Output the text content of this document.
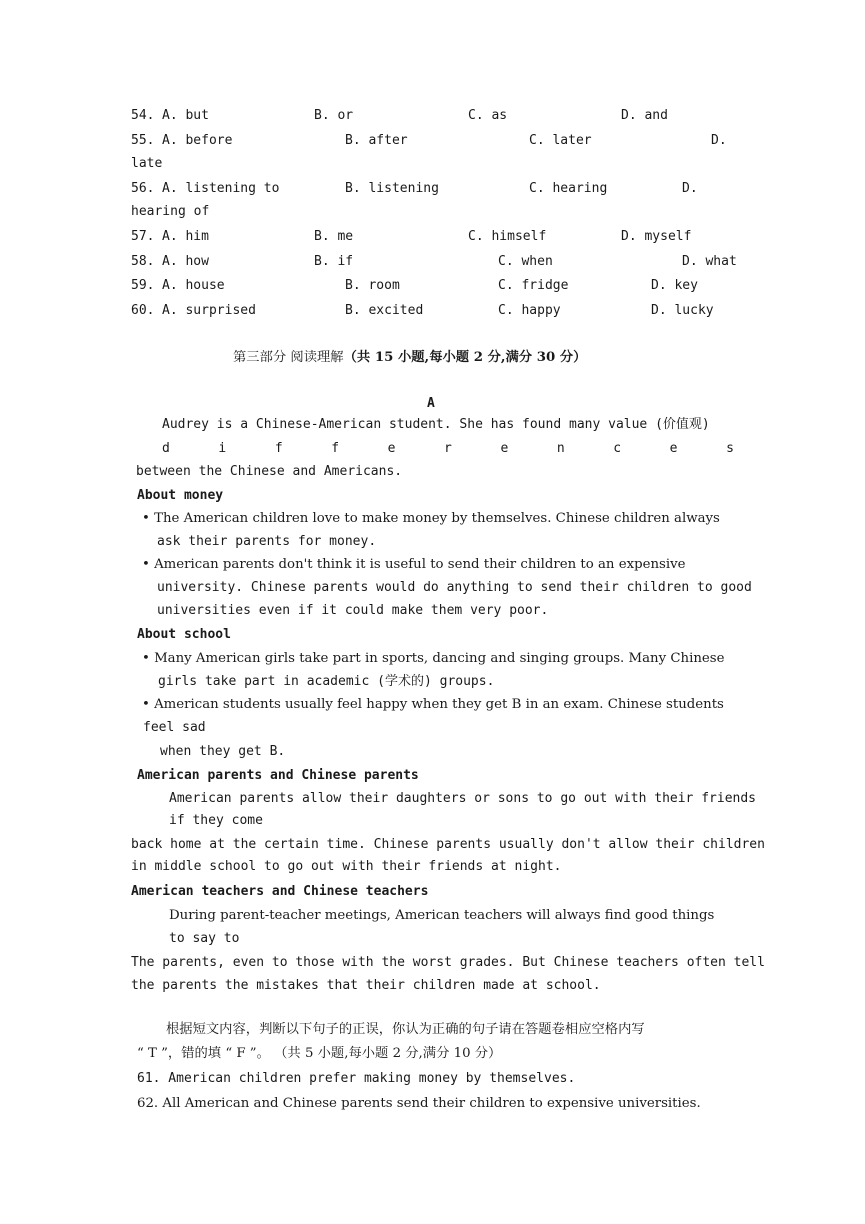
54. A. but	B. or	C. as	D. and
55. A. before	B. after	C. later	D.
late
56. A. listening to	B. listening	C. hearing	D.
hearing of
57. A. him	B. me	C. himself	D. myself
58. A. how	B. if	C. when	D. what
59. A. house	B. room	C. fridge	D. key
60. A. surprised	B. excited	C. happy	D. lucky
第三部分 阅读理解（共 15 小题,每小题 2 分,满分 30 分）
A
Audrey is a Chinese-American student. She has found many value (价值观)
d	i	f	f	e	r	e	n	c	e	s
between the Chinese and Americans.
About money
• The American children love to make money by themselves. Chinese children always
ask their parents for money.
• American parents don't think it is useful to send their children to an expensive
university. Chinese parents would do anything to send their children to good
universities even if it could make them very poor.
About school
• Many American girls take part in sports, dancing and singing groups. Many Chinese
girls take part in academic (学术的) groups.
• American students usually feel happy when they get B in an exam. Chinese students
feel sad
when they get B.
American parents and Chinese parents
American parents allow their daughters or sons to go out with their friends
if they come
back home at the certain time. Chinese parents usually don't allow their children
in middle school to go out with their friends at night.
American teachers and Chinese teachers
During parent-teacher meetings, American teachers will always find good things
to say to
The parents, even to those with the worst grades. But Chinese teachers often tell
the parents the mistakes that their children made at school.
根据短文内容，判断以下句子的正误，你认为正确的句子请在答题卷相应空格内写
“ T ”，错的填 “ F ”。 （共 5 小题,每小题 2 分,满分 10 分）
61. American children prefer making money by themselves.
62. All American and Chinese parents send their children to expensive universities.
